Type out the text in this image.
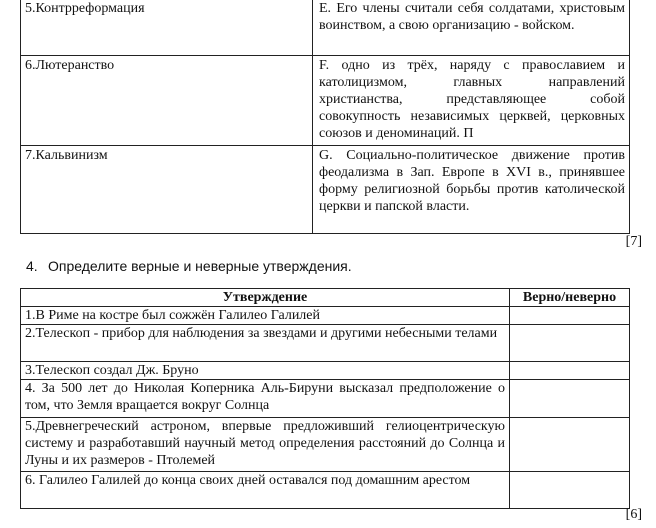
5.Контрреформация	E. Его члены считали себя солдатами, христовым воинством, а свою организацию - войском.
6.Лютеранство	F. одно из трёх, наряду с православием и католицизмом, главных направлений христианства, представляющее собой совокупность независимых церквей, церковных союзов и деноминаций. П
7.Кальвинизм	G. Социально-политическое движение против феодализма в Зап. Европе в XVI в., принявшее форму религиозной борьбы против католической церкви и папской власти.
[7]
4. Определите верные и неверные утверждения.
Утверждение	Верно/неверно
1.В Риме на костре был сожжён Галилео Галилей	
2.Телескоп - прибор для наблюдения за звездами и другими небесными телами	
3.Телескоп создал Дж. Бруно	
4. За 500 лет до Николая Коперника Аль-Бируни высказал предположение о том, что Земля вращается вокруг Солнца	
5.Древнегреческий астроном, впервые предложивший гелиоцентрическую систему и разработавший научный метод определения расстояний до Солнца и Луны и их размеров - Птолемей	
6. Галилео Галилей до конца своих дней оставался под домашним арестом	
[6]
